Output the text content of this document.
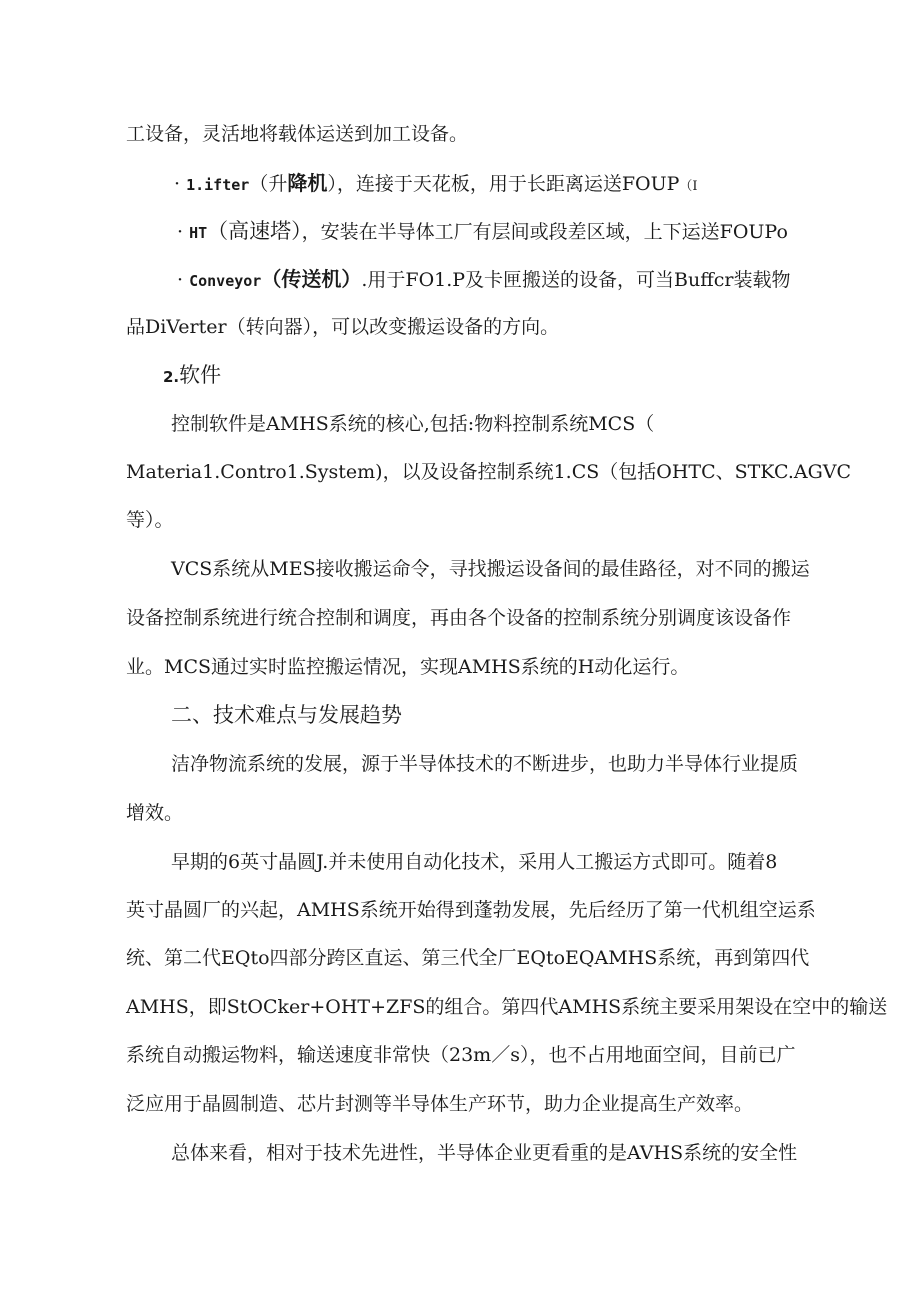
工设备，灵活地将载体运送到加工设备。
· 1.ifter（升降机），连接于天花板，用于长距离运送FOUP（I
· HT（高速塔），安装在半导体工厂有层间或段差区域，上下运送FOUPo
· Conveyor（传送机）.用于FO1.P及卡匣搬送的设备，可当Buffcr装载物
品DiVerter（转向器），可以改变搬运设备的方向。
2.软件
控制软件是AMHS系统的核心,包括:物料控制系统MCS（
Materia1.Contro1.System)，以及设备控制系统1.CS（包括OHTC、STKC.AGVC
等）。
VCS系统从MES接收搬运命令，寻找搬运设备间的最佳路径，对不同的搬运
设备控制系统进行统合控制和调度，再由各个设备的控制系统分别调度该设备作
业。MCS通过实时监控搬运情况，实现AMHS系统的H动化运行。
二、技术难点与发展趋势
洁净物流系统的发展，源于半导体技术的不断进步，也助力半导体行业提质
增效。
早期的6英寸晶圆J.并未使用自动化技术，采用人工搬运方式即可。随着8
英寸晶圆厂的兴起，AMHS系统开始得到蓬勃发展，先后经历了第一代机组空运系
统、第二代EQto四部分跨区直运、第三代全厂EQtoEQAMHS系统，再到第四代
AMHS，即StOCker+OHT+ZFS的组合。第四代AMHS系统主要采用架设在空中的输送
系统自动搬运物料，输送速度非常快（23m／s），也不占用地面空间，目前已广
泛应用于晶圆制造、芯片封测等半导体生产环节，助力企业提高生产效率。
总体来看，相对于技术先进性，半导体企业更看重的是AVHS系统的安全性
